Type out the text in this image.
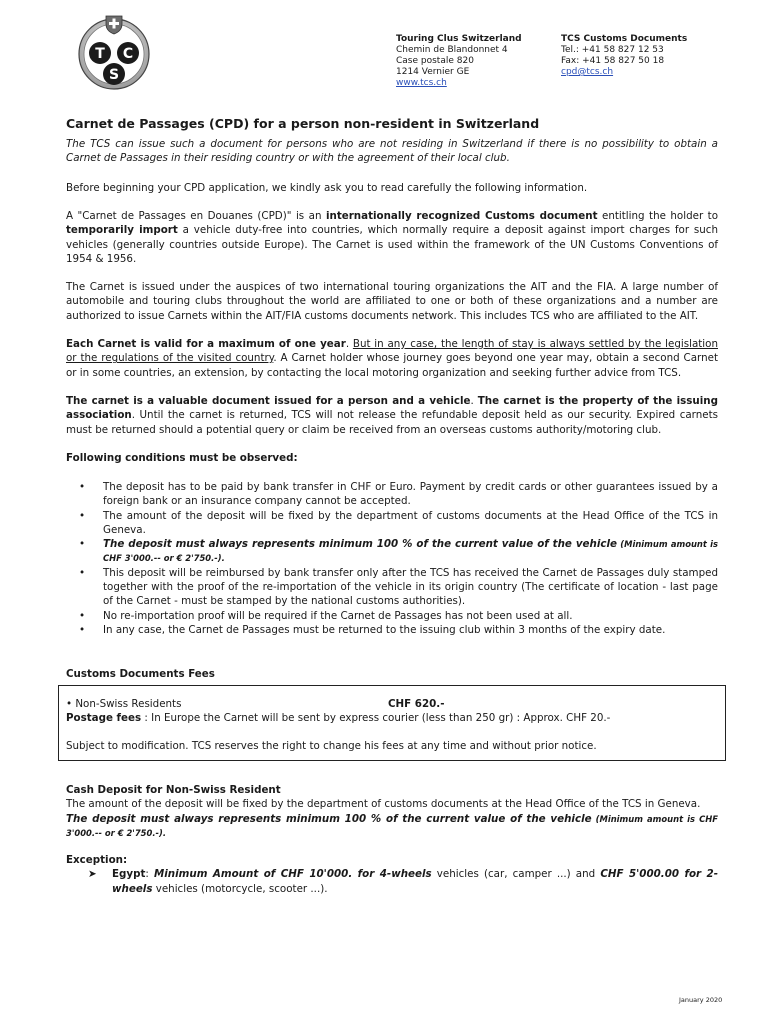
T C
S
Touring Clus Switzerland
Chemin de Blandonnet 4
Case postale 820
1214 Vernier GE
www.tcs.ch
TCS Customs Documents
Tel.: +41 58 827 12 53
Fax: +41 58 827 50 18
cpd@tcs.ch
Carnet de Passages (CPD) for a person non-resident in Switzerland

The TCS can issue such a document for persons who are not residing in Switzerland if there is no possibility to obtain a Carnet de Passages in their residing country or with the agreement of their local club.

Before beginning your CPD application, we kindly ask you to read carefully the following information.

A "Carnet de Passages en Douanes (CPD)" is an internationally recognized Customs document entitling the holder to temporarily import a vehicle duty-free into countries, which normally require a deposit against import charges for such vehicles (generally countries outside Europe). The Carnet is used within the framework of the UN Customs Conventions of 1954 & 1956.

The Carnet is issued under the auspices of two international touring organizations the AIT and the FIA. A large number of automobile and touring clubs throughout the world are affiliated to one or both of these organizations and a number are authorized to issue Carnets within the AIT/FIA customs documents network. This includes TCS who are affiliated to the AIT.

Each Carnet is valid for a maximum of one year. But in any case, the length of stay is always settled by the legislation or the regulations of the visited country. A Carnet holder whose journey goes beyond one year may, obtain a second Carnet or in some countries, an extension, by contacting the local motoring organization and seeking further advice from TCS.

The carnet is a valuable document issued for a person and a vehicle. The carnet is the property of the issuing association. Until the carnet is returned, TCS will not release the refundable deposit held as our security. Expired carnets must be returned should a potential query or claim be received from an overseas customs authority/motoring club.

Following conditions must be observed:

• The deposit has to be paid by bank transfer in CHF or Euro. Payment by credit cards or other guarantees issued by a foreign bank or an insurance company cannot be accepted.
• The amount of the deposit will be fixed by the department of customs documents at the Head Office of the TCS in Geneva.
• The deposit must always represents minimum 100 % of the current value of the vehicle (Minimum amount is CHF 3'000.-- or € 2'750.-).
• This deposit will be reimbursed by bank transfer only after the TCS has received the Carnet de Passages duly stamped together with the proof of the re-importation of the vehicle in its origin country (The certificate of location - last page of the Carnet - must be stamped by the national customs authorities).
• No re-importation proof will be required if the Carnet de Passages has not been used at all.
• In any case, the Carnet de Passages must be returned to the issuing club within 3 months of the expiry date.

Customs Documents Fees

• Non-Swiss Residents	CHF 620.-

Postage fees : In Europe the Carnet will be sent by express courier (less than 250 gr) : Approx. CHF 20.-

Subject to modification. TCS reserves the right to change his fees at any time and without prior notice.

Cash Deposit for Non-Swiss Resident

The amount of the deposit will be fixed by the department of customs documents at the Head Office of the TCS in Geneva.

The deposit must always represents minimum 100 % of the current value of the vehicle (Minimum amount is CHF 3'000.-- or € 2'750.-).

Exception:

➤ Egypt: Minimum Amount of CHF 10'000. for 4-wheels vehicles (car, camper ...) and CHF 5'000.00 for 2-wheels vehicles (motorcycle, scooter ...).

January 2020
